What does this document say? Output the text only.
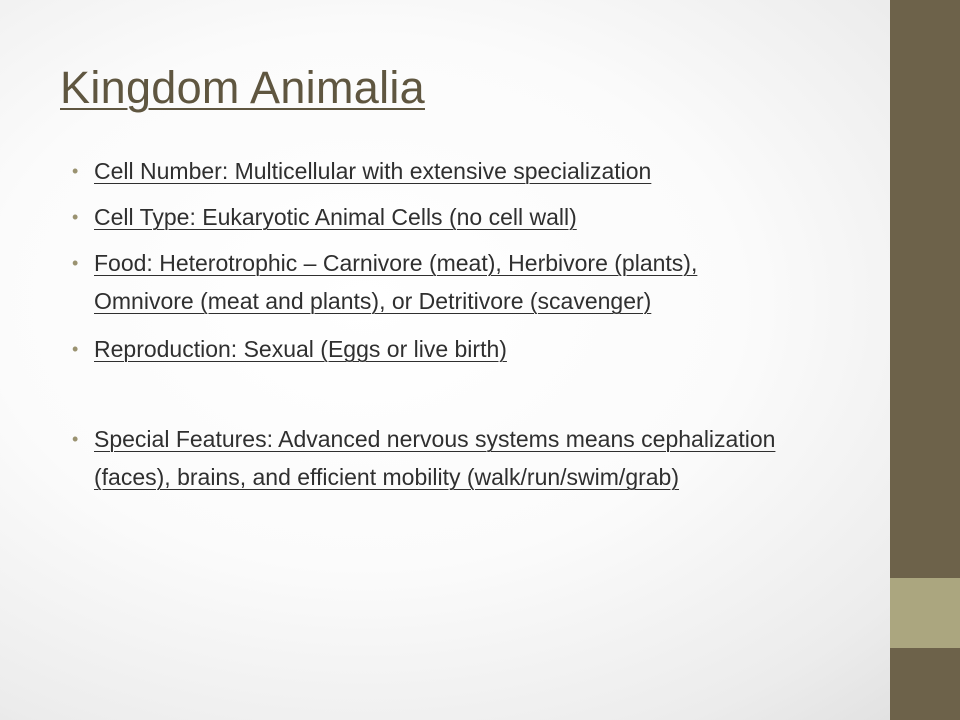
Kingdom Animalia
• Cell Number: Multicellular with extensive specialization
• Cell Type: Eukaryotic Animal Cells (no cell wall)
• Food: Heterotrophic – Carnivore (meat), Herbivore (plants), Omnivore (meat and plants), or Detritivore (scavenger)
• Reproduction: Sexual (Eggs or live birth)
• Special Features: Advanced nervous systems means cephalization (faces), brains, and efficient mobility (walk/run/swim/grab)
